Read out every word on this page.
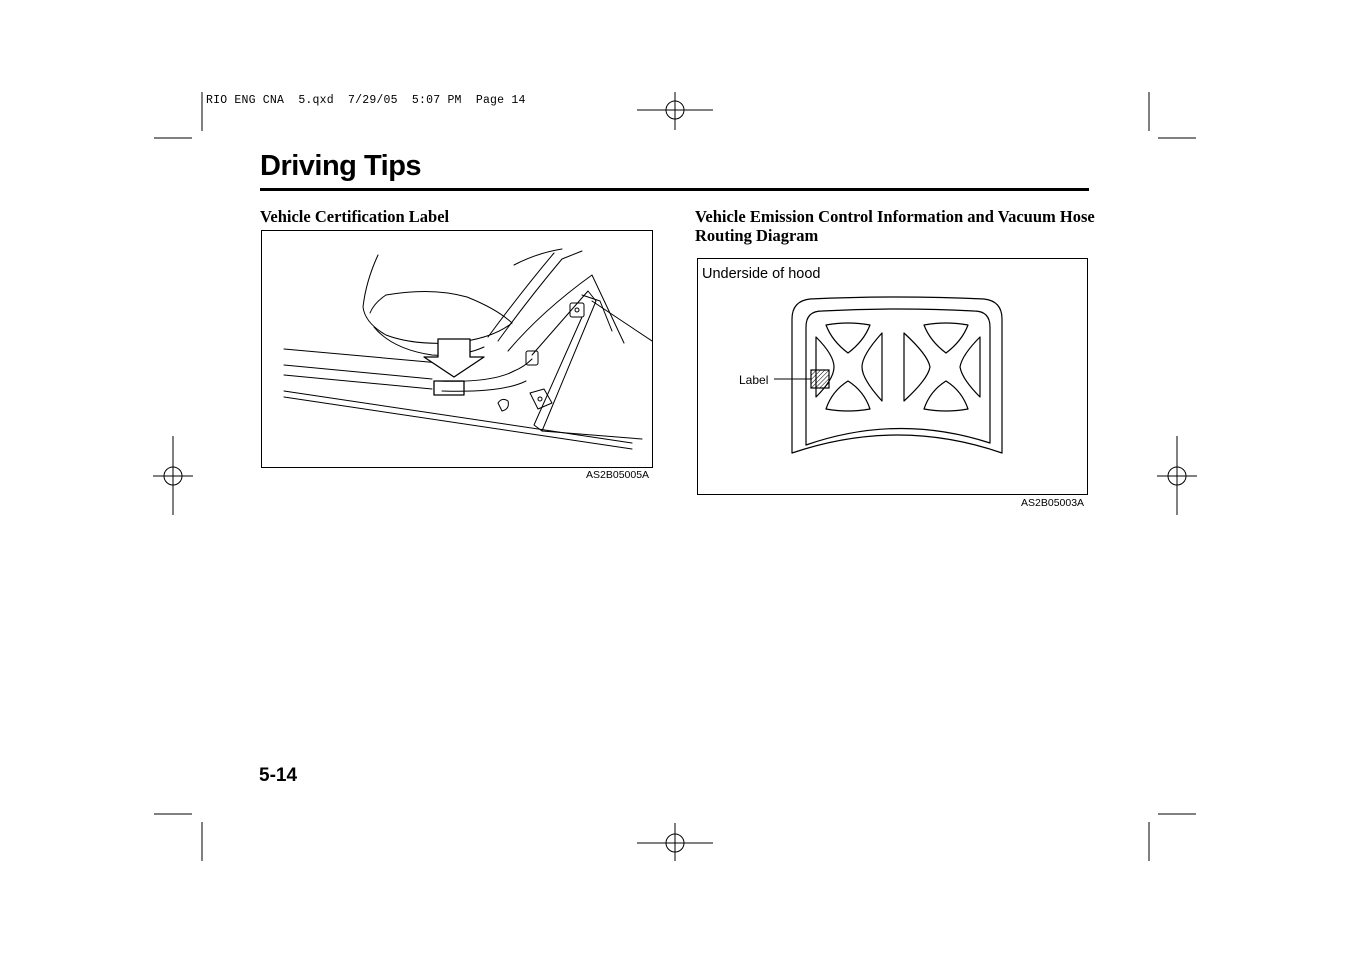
RIO ENG CNA  5.qxd  7/29/05  5:07 PM  Page 14
Driving Tips
Vehicle Certification Label	Vehicle Emission Control Information and Vacuum Hose Routing Diagram
AS2B05005A
Underside of hood
Label
AS2B05003A
5-14
